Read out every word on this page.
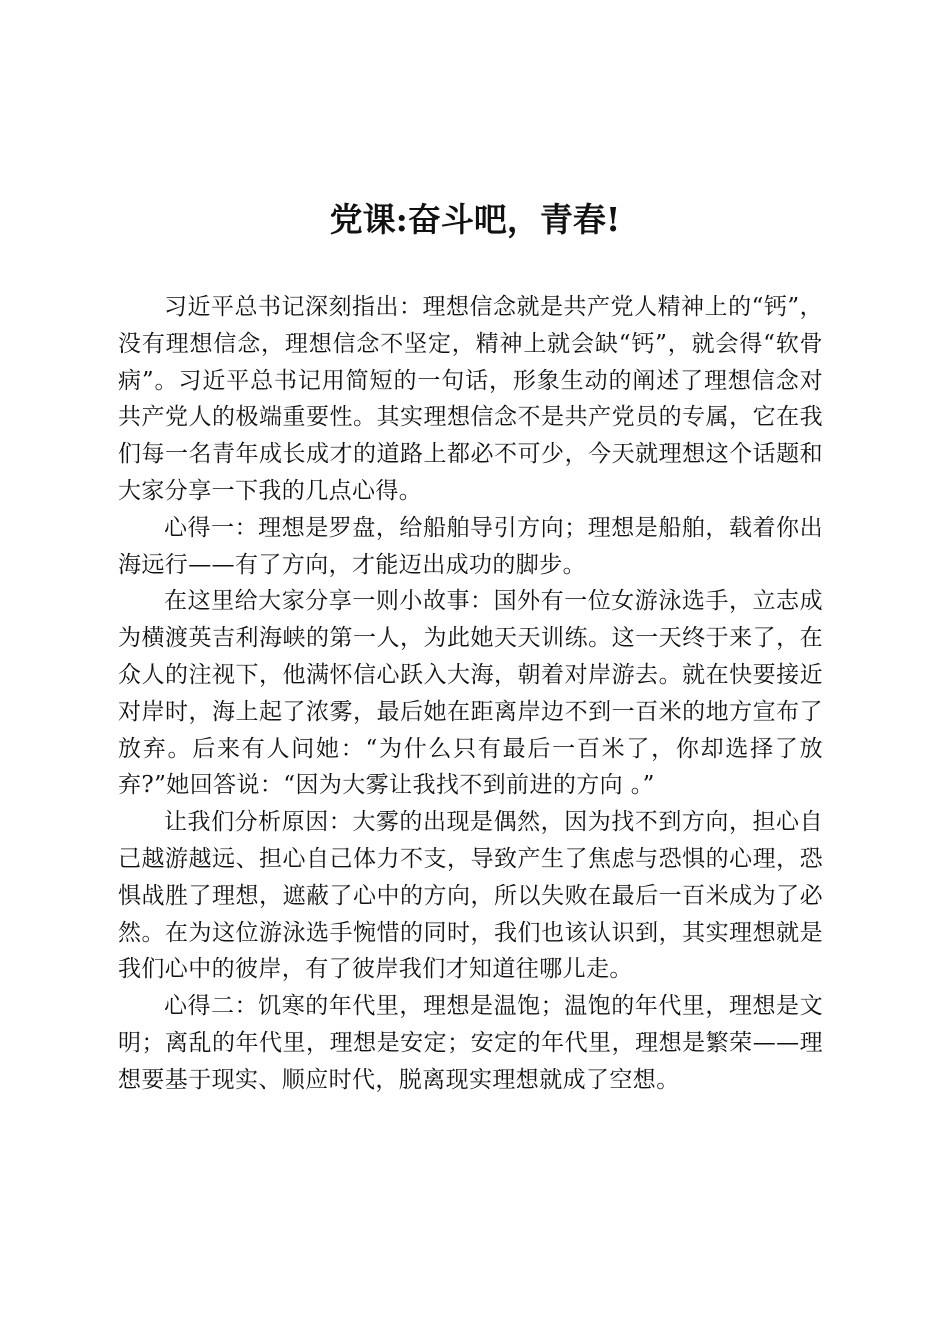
党课:奋斗吧，青春!

习近平总书记深刻指出：理想信念就是共产党人精神上的“钙”，没有理想信念，理想信念不坚定，精神上就会缺“钙”，就会得“软骨病”。习近平总书记用简短的一句话，形象生动的阐述了理想信念对共产党人的极端重要性。其实理想信念不是共产党员的专属，它在我们每一名青年成长成才的道路上都必不可少，今天就理想这个话题和大家分享一下我的几点心得。

心得一：理想是罗盘，给船舶导引方向；理想是船舶，载着你出海远行——有了方向，才能迈出成功的脚步。

在这里给大家分享一则小故事：国外有一位女游泳选手，立志成为横渡英吉利海峡的第一人，为此她天天训练。这一天终于来了，在众人的注视下，他满怀信心跃入大海，朝着对岸游去。就在快要接近对岸时，海上起了浓雾，最后她在距离岸边不到一百米的地方宣布了放弃。后来有人问她：“为什么只有最后一百米了，你却选择了放弃?”她回答说：“因为大雾让我找不到前进的方向 。”

让我们分析原因：大雾的出现是偶然，因为找不到方向，担心自己越游越远、担心自己体力不支，导致产生了焦虑与恐惧的心理，恐惧战胜了理想，遮蔽了心中的方向，所以失败在最后一百米成为了必然。在为这位游泳选手惋惜的同时，我们也该认识到，其实理想就是我们心中的彼岸，有了彼岸我们才知道往哪儿走。

心得二：饥寒的年代里，理想是温饱；温饱的年代里，理想是文明；离乱的年代里，理想是安定；安定的年代里，理想是繁荣——理想要基于现实、顺应时代，脱离现实理想就成了空想。
